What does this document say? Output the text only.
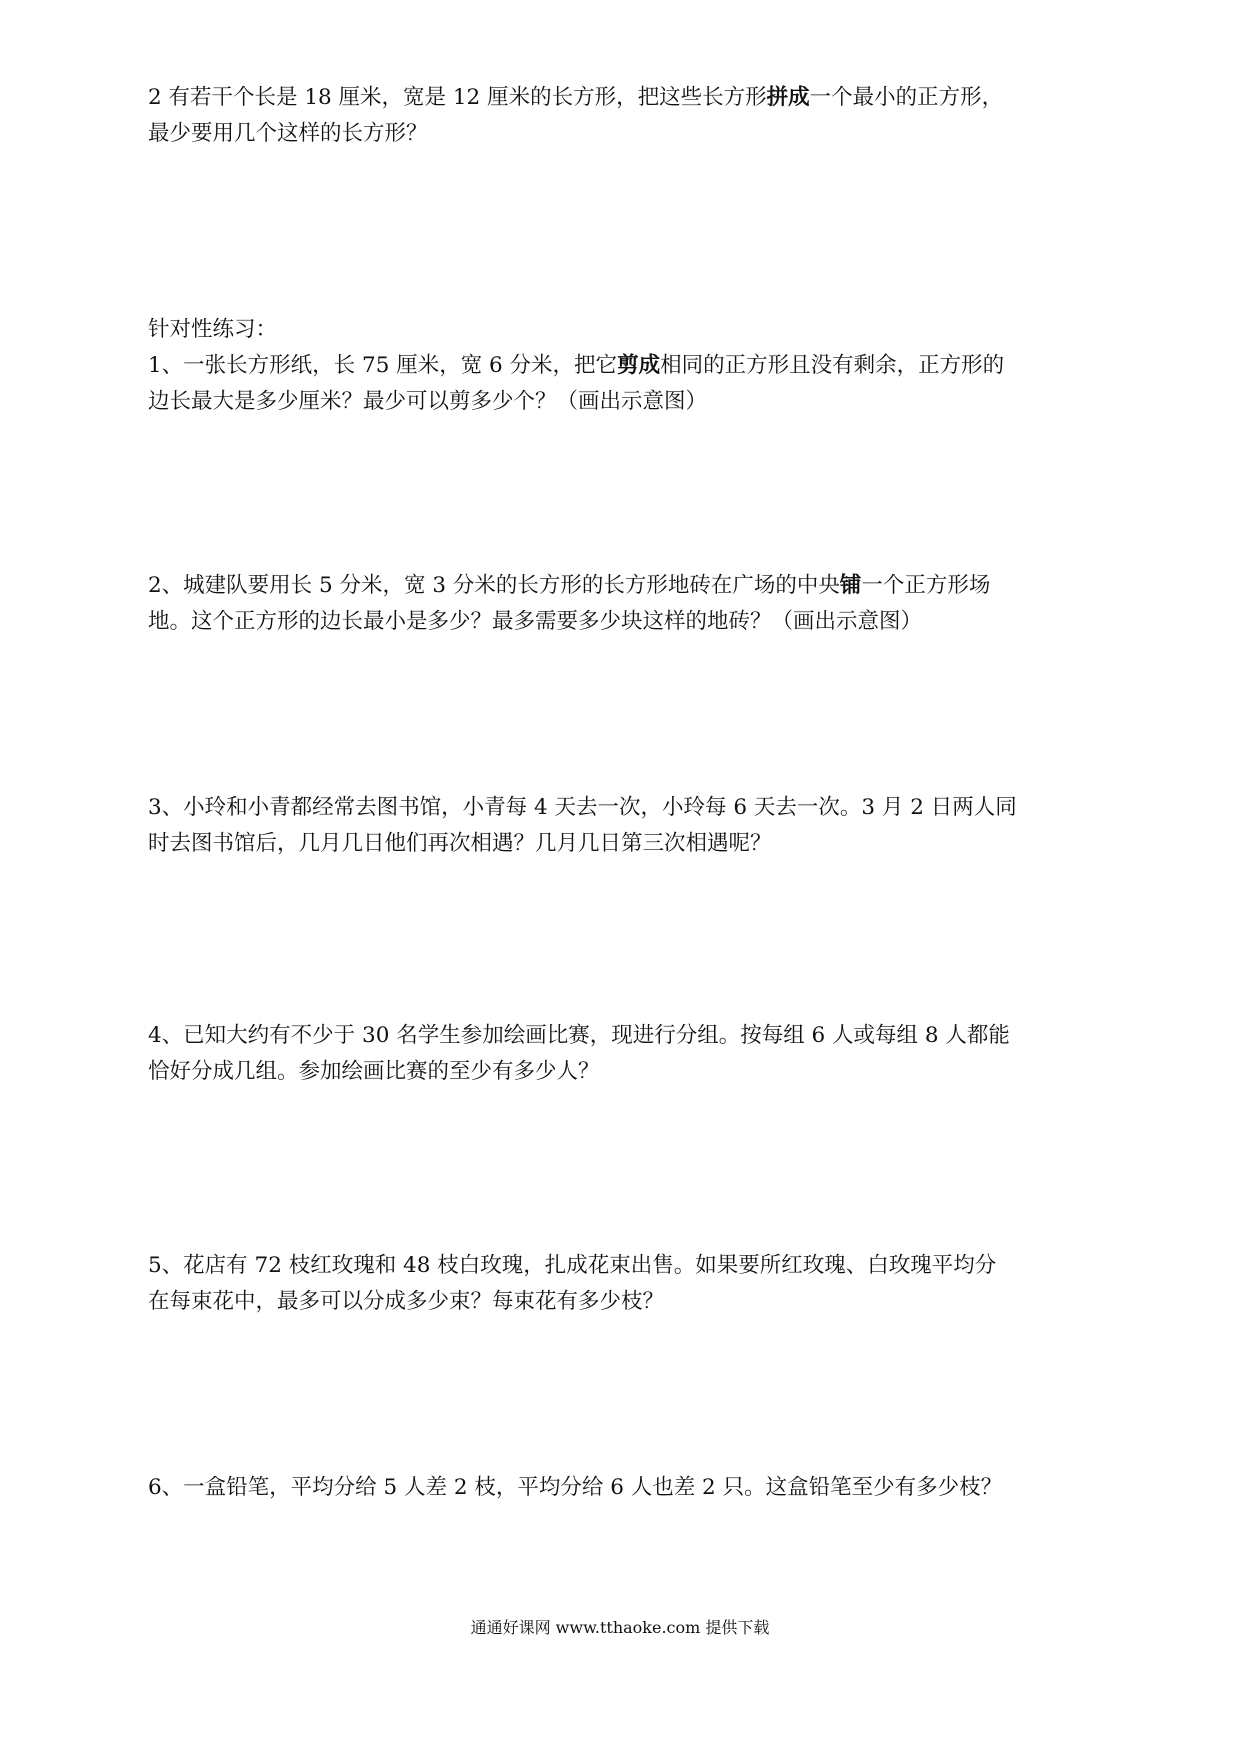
2 有若干个长是 18 厘米，宽是 12 厘米的长方形，把这些长方形拼成一个最小的正方形，
最少要用几个这样的长方形？
针对性练习：
1、一张长方形纸，长 75 厘米，宽 6 分米，把它剪成相同的正方形且没有剩余，正方形的
边长最大是多少厘米？最少可以剪多少个？（画出示意图）
2、城建队要用长 5 分米，宽 3 分米的长方形的长方形地砖在广场的中央铺一个正方形场
地。这个正方形的边长最小是多少？最多需要多少块这样的地砖？（画出示意图）
3、小玲和小青都经常去图书馆，小青每 4 天去一次，小玲每 6 天去一次。3 月 2 日两人同
时去图书馆后，几月几日他们再次相遇？几月几日第三次相遇呢？
4、已知大约有不少于 30 名学生参加绘画比赛，现进行分组。按每组 6 人或每组 8 人都能
恰好分成几组。参加绘画比赛的至少有多少人？
5、花店有 72 枝红玫瑰和 48 枝白玫瑰，扎成花束出售。如果要所红玫瑰、白玫瑰平均分
在每束花中，最多可以分成多少束？每束花有多少枝？
6、一盒铅笔，平均分给 5 人差 2 枝，平均分给 6 人也差 2 只。这盒铅笔至少有多少枝？
通通好课网 www.tthaoke.com 提供下载
